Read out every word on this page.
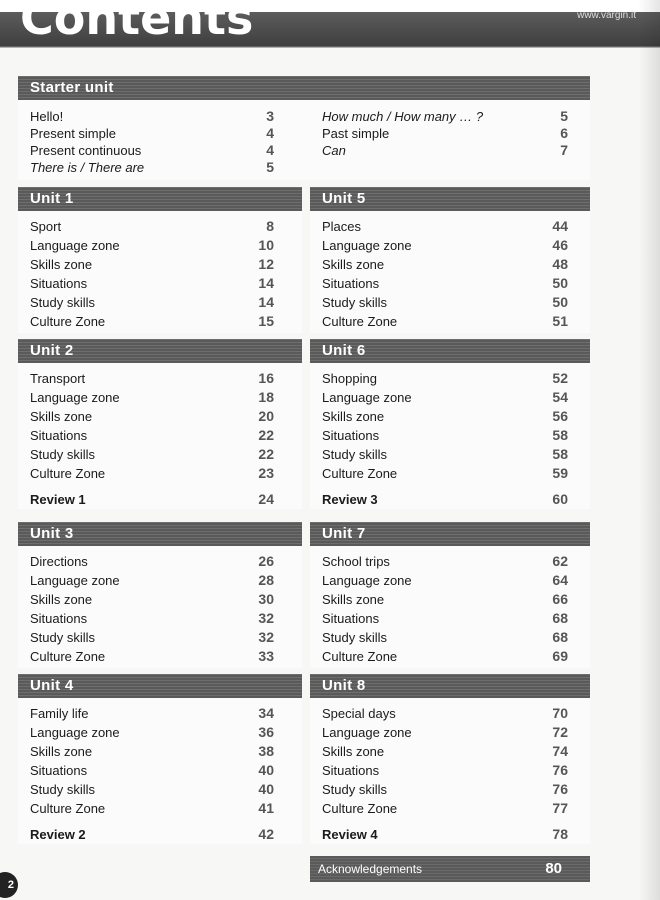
Contents	www.vargin.it
Starter unit
Hello!	3
Present simple	4
Present continuous	4
There is / There are	5
How much / How many … ?	5
Past simple	6
Can	7
Unit 1
Sport	8
Language zone	10
Skills zone	12
Situations	14
Study skills	14
Culture Zone	15
Unit 5
Places	44
Language zone	46
Skills zone	48
Situations	50
Study skills	50
Culture Zone	51
Unit 2
Transport	16
Language zone	18
Skills zone	20
Situations	22
Study skills	22
Culture Zone	23
Review 1	24
Unit 6
Shopping	52
Language zone	54
Skills zone	56
Situations	58
Study skills	58
Culture Zone	59
Review 3	60
Unit 3
Directions	26
Language zone	28
Skills zone	30
Situations	32
Study skills	32
Culture Zone	33
Unit 7
School trips	62
Language zone	64
Skills zone	66
Situations	68
Study skills	68
Culture Zone	69
Unit 4
Family life	34
Language zone	36
Skills zone	38
Situations	40
Study skills	40
Culture Zone	41
Review 2	42
Unit 8
Special days	70
Language zone	72
Skills zone	74
Situations	76
Study skills	76
Culture Zone	77
Review 4	78
Acknowledgements	80
2
